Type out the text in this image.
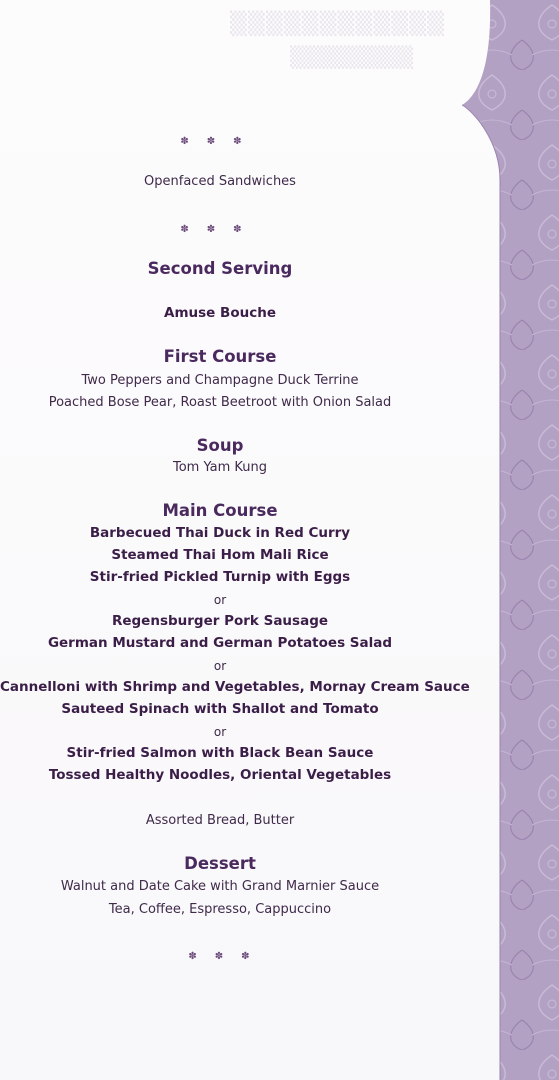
▒▒▒▒▒▒▒▒▒▒▒▒
▒▒▒▒▒▒▒▒
✽✽✽
Openfaced Sandwiches
✽✽✽
Second Serving
Amuse Bouche
First Course
Two Peppers and Champagne Duck Terrine
Poached Bose Pear, Roast Beetroot with Onion Salad
Soup
Tom Yam Kung
Main Course
Barbecued Thai Duck in Red Curry
Steamed Thai Hom Mali Rice
Stir-fried Pickled Turnip with Eggs
or
Regensburger Pork Sausage
German Mustard and German Potatoes Salad
or
Cannelloni with Shrimp and Vegetables, Mornay Cream Sauce
Sauteed Spinach with Shallot and Tomato
or
Stir-fried Salmon with Black Bean Sauce
Tossed Healthy Noodles, Oriental Vegetables
Assorted Bread, Butter
Dessert
Walnut and Date Cake with Grand Marnier Sauce
Tea, Coffee, Espresso, Cappuccino
✽✽✽
